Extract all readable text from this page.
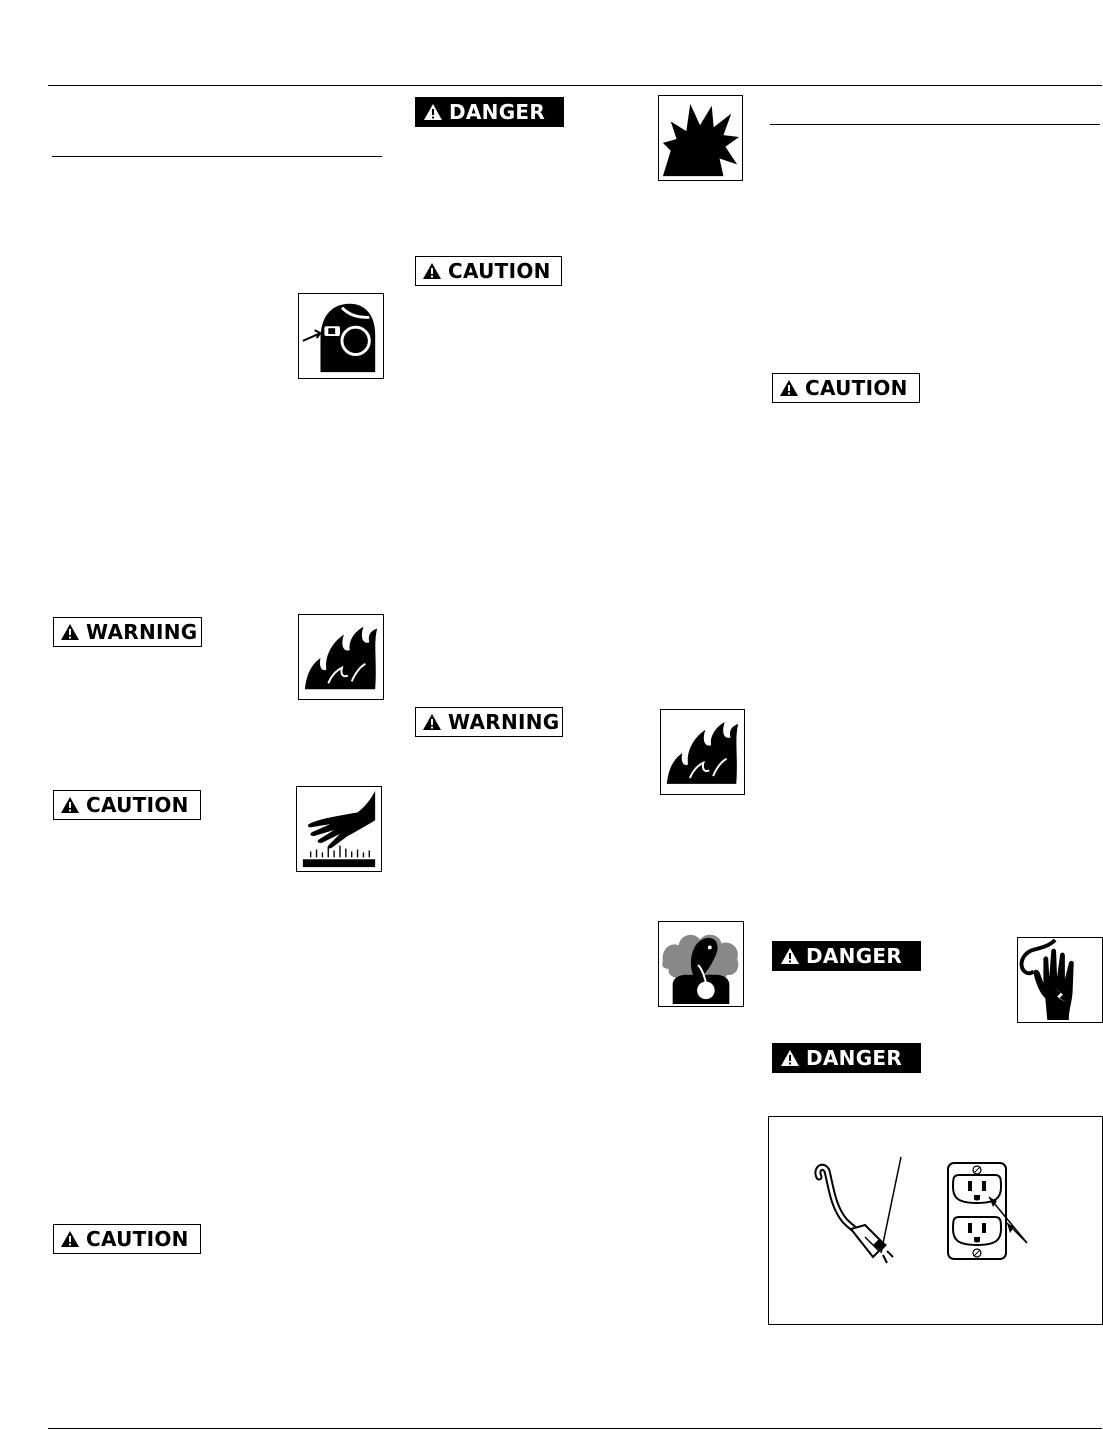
WARNING
CAUTION
CAUTION
DANGER
CAUTION
WARNING
CAUTION
DANGER
DANGER
